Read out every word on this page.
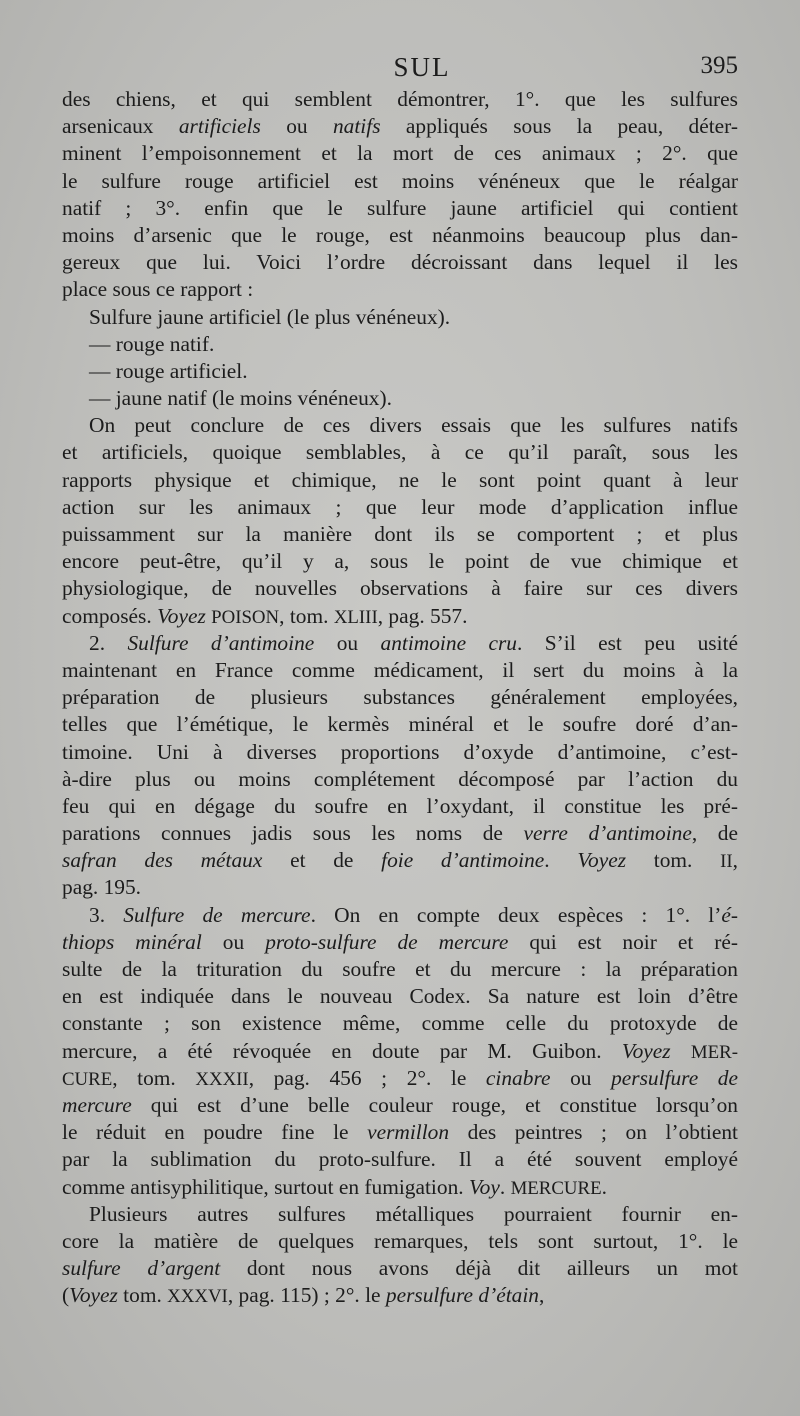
SUL	395
des chiens, et qui semblent démontrer, 1°. que les sulfures
arsenicaux artificiels ou natifs appliqués sous la peau, déter-
minent l’empoisonnement et la mort de ces animaux ; 2°. que
le sulfure rouge artificiel est moins vénéneux que le réalgar
natif ; 3°. enfin que le sulfure jaune artificiel qui contient
moins d’arsenic que le rouge, est néanmoins beaucoup plus dan-
gereux que lui. Voici l’ordre décroissant dans lequel il les
place sous ce rapport :
Sulfure jaune artificiel (le plus vénéneux).
— rouge natif.
— rouge artificiel.
— jaune natif (le moins vénéneux).
On peut conclure de ces divers essais que les sulfures natifs
et artificiels, quoique semblables, à ce qu’il paraît, sous les
rapports physique et chimique, ne le sont point quant à leur
action sur les animaux ; que leur mode d’application influe
puissamment sur la manière dont ils se comportent ; et plus
encore peut-être, qu’il y a, sous le point de vue chimique et
physiologique, de nouvelles observations à faire sur ces divers
composés. Voyez POISON, tom. XLIII, pag. 557.
2. Sulfure d’antimoine ou antimoine cru. S’il est peu usité
maintenant en France comme médicament, il sert du moins à la
préparation de plusieurs substances généralement employées,
telles que l’émétique, le kermès minéral et le soufre doré d’an-
timoine. Uni à diverses proportions d’oxyde d’antimoine, c’est-
à-dire plus ou moins complétement décomposé par l’action du
feu qui en dégage du soufre en l’oxydant, il constitue les pré-
parations connues jadis sous les noms de verre d’antimoine, de
safran des métaux et de foie d’antimoine. Voyez tom. II,
pag. 195.
3. Sulfure de mercure. On en compte deux espèces : 1°. l’é-
thiops minéral ou proto-sulfure de mercure qui est noir et ré-
sulte de la trituration du soufre et du mercure : la préparation
en est indiquée dans le nouveau Codex. Sa nature est loin d’être
constante ; son existence même, comme celle du protoxyde de
mercure, a été révoquée en doute par M. Guibon. Voyez MER-
CURE, tom. XXXII, pag. 456 ; 2°. le cinabre ou persulfure de
mercure qui est d’une belle couleur rouge, et constitue lorsqu’on
le réduit en poudre fine le vermillon des peintres ; on l’obtient
par la sublimation du proto-sulfure. Il a été souvent employé
comme antisyphilitique, surtout en fumigation. Voy. MERCURE.
Plusieurs autres sulfures métalliques pourraient fournir en-
core la matière de quelques remarques, tels sont surtout, 1°. le
sulfure d’argent dont nous avons déjà dit ailleurs un mot
(Voyez tom. XXXVI, pag. 115) ; 2°. le persulfure d’étain,
